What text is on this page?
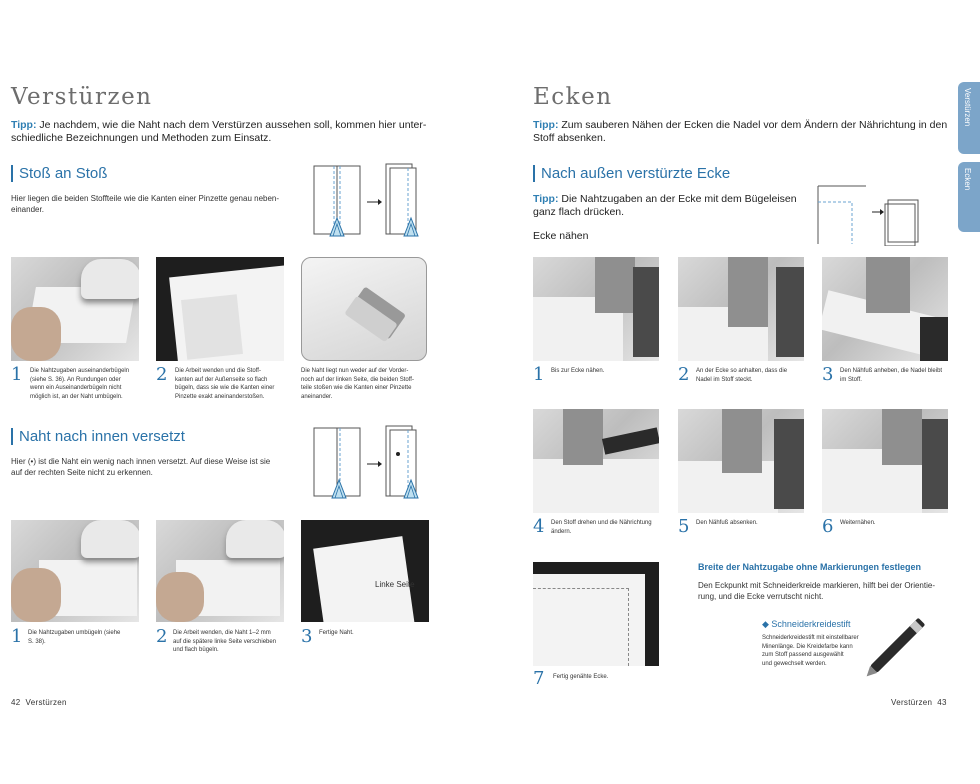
Verstürzen
Tipp: Je nachdem, wie die Naht nach dem Verstürzen aussehen soll, kommen hier unter-
schiedliche Bezeichnungen und Methoden zum Einsatz.
Stoß an Stoß
Hier liegen die beiden Stoffteile wie die Kanten einer Pinzette genau neben-
einander.
1 Die Nahtzugaben auseinanderbügeln
(siehe S. 36). An Rundungen oder
wenn ein Auseinanderbügeln nicht
möglich ist, an der Naht umbügeln.
2 Die Arbeit wenden und die Stoff-
kanten auf der Außenseite so flach
bügeln, dass sie wie die Kanten einer
Pinzette exakt aneinanderstoßen.
Die Naht liegt nun weder auf der Vorder-
noch auf der linken Seite, die beiden Stoff-
teile stoßen wie die Kanten einer Pinzette
aneinander.
Naht nach innen versetzt
Hier (•) ist die Naht ein wenig nach innen versetzt. Auf diese Weise ist sie
auf der rechten Seite nicht zu erkennen.
Linke Seite
1 Die Nahtzugaben umbügeln (siehe
S. 38).	2 Die Arbeit wenden, die Naht 1–2 mm
auf die spätere linke Seite verschieben
und flach bügeln.
3 Fertige Naht.
42 Verstürzen
Ecken
Tipp: Zum sauberen Nähen der Ecken die Nadel vor dem Ändern der Nährichtung in den
Stoff absenken.
Nach außen verstürzte Ecke
Tipp: Die Nahtzugaben an der Ecke mit dem Bügeleisen
ganz flach drücken.
Ecke nähen
1 Bis zur Ecke nähen.	2 An der Ecke so anhalten, dass die
Nadel im Stoff steckt.	3 Den Nähfuß anheben, die Nadel bleibt
im Stoff.
4 Den Stoff drehen und die Nährichtung
ändern.	5 Den Nähfuß absenken.	6 Weiternähen.
7 Fertig genähte Ecke.
Breite der Nahtzugabe ohne Markierungen festlegen
Den Eckpunkt mit Schneiderkreide markieren, hilft bei der Orientie-
rung, und die Ecke verrutscht nicht.
◆ Schneiderkreidestift
Schneiderkreidestift mit einstellbarer
Minenlänge. Die Kreidefarbe kann
zum Stoff passend ausgewählt
und gewechselt werden.
Verstürzen
Ecken
Verstürzen 43
